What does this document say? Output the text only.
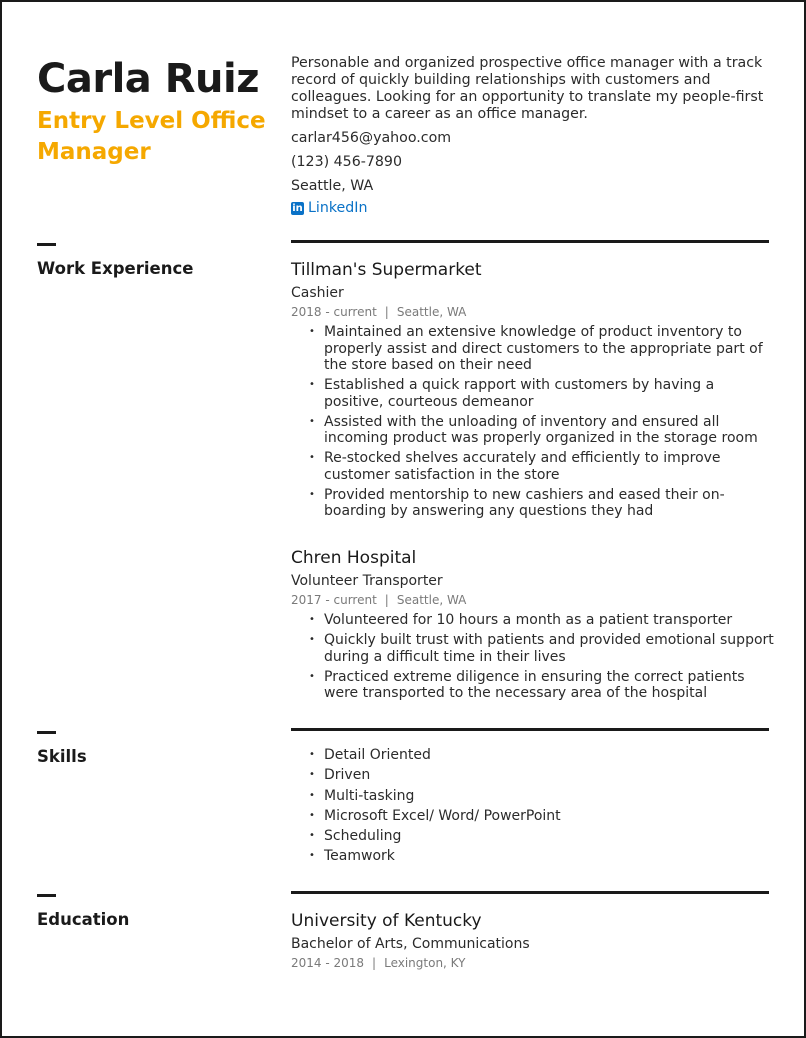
Carla Ruiz
Entry Level Office Manager
Personable and organized prospective office manager with a track record of quickly building relationships with customers and colleagues. Looking for an opportunity to translate my people-first mindset to a career as an office manager.
carlar456@yahoo.com
(123) 456-7890
Seattle, WA
in LinkedIn
Work Experience	Tillman's Supermarket
Cashier
2018 - current | Seattle, WA
• Maintained an extensive knowledge of product inventory to properly assist and direct customers to the appropriate part of the store based on their need
• Established a quick rapport with customers by having a positive, courteous demeanor
• Assisted with the unloading of inventory and ensured all incoming product was properly organized in the storage room
• Re-stocked shelves accurately and efficiently to improve customer satisfaction in the store
• Provided mentorship to new cashiers and eased their on-boarding by answering any questions they had
Chren Hospital
Volunteer Transporter
2017 - current | Seattle, WA
• Volunteered for 10 hours a month as a patient transporter
• Quickly built trust with patients and provided emotional support during a difficult time in their lives
• Practiced extreme diligence in ensuring the correct patients were transported to the necessary area of the hospital
Skills
•	Detail Oriented
• Driven
• Multi-tasking
• Microsoft Excel/ Word/ PowerPoint
• Scheduling
• Teamwork
Education	University of Kentucky
Bachelor of Arts, Communications
2014 - 2018 | Lexington, KY
